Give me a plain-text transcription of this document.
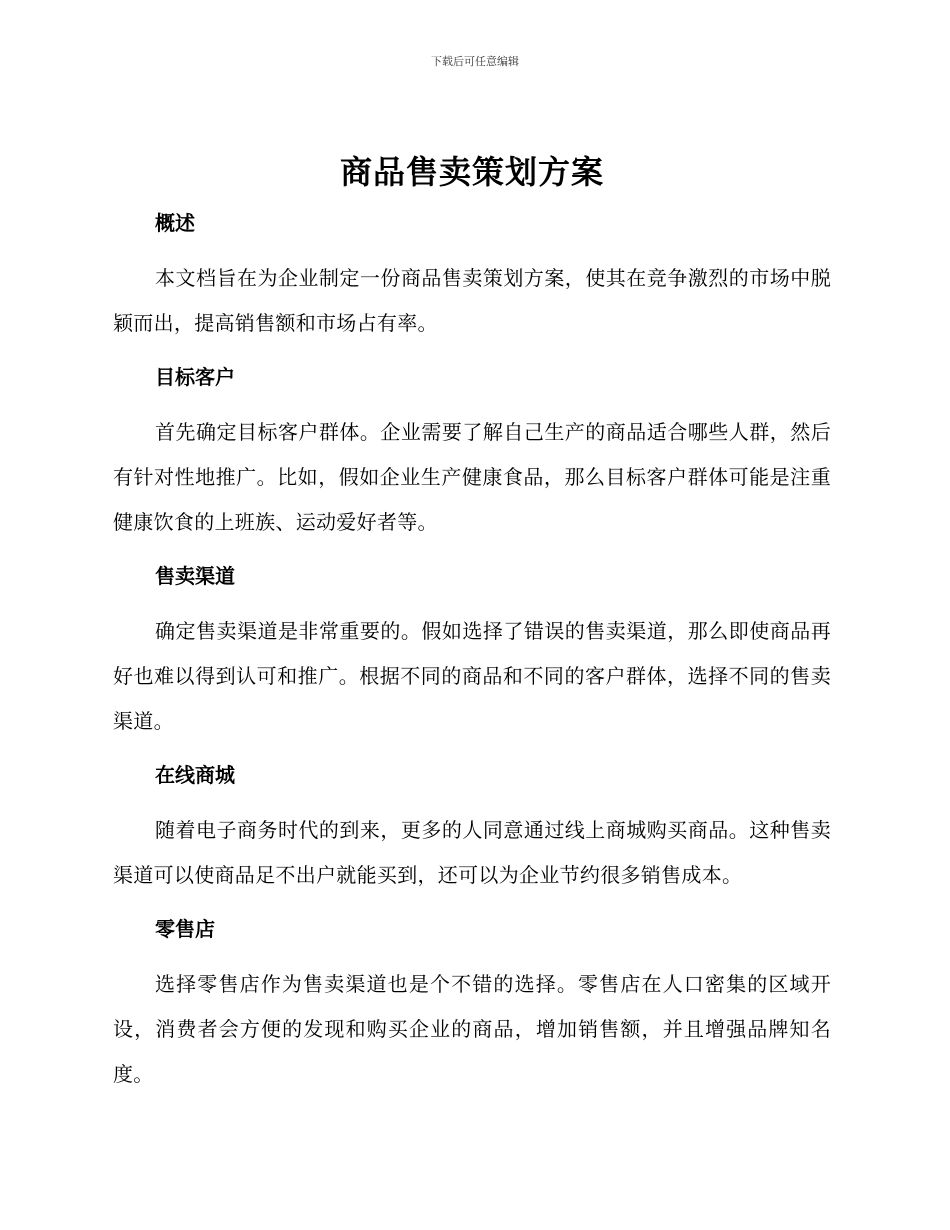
下载后可任意编辑
商品售卖策划方案
概述

本文档旨在为企业制定一份商品售卖策划方案，使其在竞争激烈的市场中脱颖而出，提高销售额和市场占有率。

目标客户

首先确定目标客户群体。企业需要了解自己生产的商品适合哪些人群，然后有针对性地推广。比如，假如企业生产健康食品，那么目标客户群体可能是注重健康饮食的上班族、运动爱好者等。

售卖渠道

确定售卖渠道是非常重要的。假如选择了错误的售卖渠道，那么即使商品再好也难以得到认可和推广。根据不同的商品和不同的客户群体，选择不同的售卖渠道。

在线商城

随着电子商务时代的到来，更多的人同意通过线上商城购买商品。这种售卖渠道可以使商品足不出户就能买到，还可以为企业节约很多销售成本。

零售店

选择零售店作为售卖渠道也是个不错的选择。零售店在人口密集的区域开设，消费者会方便的发现和购买企业的商品，增加销售额，并且增强品牌知名度。
